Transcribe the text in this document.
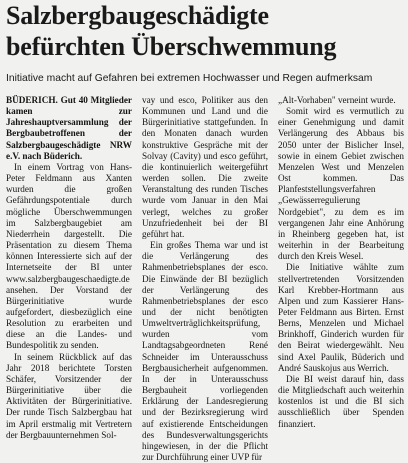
Salzbergbaugeschädigte
befürchten Überschwemmung
Initiative macht auf Gefahren bei extremen Hochwasser und Regen aufmerksam

BÜDERICH. Gut 40 Mitglieder kamen zur Jahreshauptversammlung der Bergbaubetroffenen der Salzbergbaugeschädigte NRW e.V. nach Büderich.

In einem Vortrag von Hans-Peter Feldmann aus Xanten wurden die großen Gefährdungspotentiale durch mögliche Überschwemmungen im Salzbergbaugebiet am Niederrhein dargestellt. Die Präsentation zu diesem Thema können Interessierte sich auf der Internetseite der BI unter www.salzbergbaugeschaedigte.de ansehen. Der Vorstand der Bürgerinitiative wurde aufgefordert, diesbezüglich eine Resolution zu erarbeiten und diese an die Landes- und Bundespolitik zu senden.

In seinem Rückblick auf das Jahr 2018 berichtete Torsten Schäfer, Vorsitzender der Bürgerinitiative über die Aktivitäten der Bürgerinitiative. Der runde Tisch Salzbergbau hat im April erstmalig mit Vertretern der Bergbauunternehmen Sol-

vay und esco, Politiker aus den Kommunen und Land und die Bürgerinitiative stattgefunden. In den Monaten danach wurden konstruktive Gespräche mit der Solvay (Cavity) und esco geführt, die kontinuierlich weitergeführt werden sollen. Die zweite Veranstaltung des runden Tisches wurde vom Januar in den Mai verlegt, welches zu großer Unzufriedenheit bei der BI geführt hat.

Ein großes Thema war und ist die Verlängerung des Rahmenbetriebsplanes der esco. Die Einwände der BI bezüglich der Verlängerung des Rahmenbetriebsplanes der esco und der nicht benötigten Umweltverträglichkeitsprüfung, wurden vom Landtagsabgeordneten René Schneider im Unterausschuss Bergbausicherheit aufgenommen. In der in Unterausschuss Bergbauheit vorliegenden Erklärung der Landesregierung und der Bezirksregierung wird auf existierende Entscheidungen des Bundesverwaltungsgerichts hingewiesen, in der die Pflicht zur Durchführung einer UVP für

„Alt-Vorhaben" verneint wurde.

Somit wird es vermutlich zu einer Genehmigung und damit Verlängerung des Abbaus bis 2050 unter der Bislicher Insel, sowie in einem Gebiet zwischen Menzelen West und Menzelen Ost kommen. Das Planfeststellungsverfahren „Gewässerregulierung Nordgebiet", zu dem es im vergangenen Jahr eine Anhörung in Rheinberg gegeben hat, ist weiterhin in der Bearbeitung durch den Kreis Wesel.

Die Initiative wählte zum stellvertretenden Vorsitzenden Karl Krebber-Hortmann aus Alpen und zum Kassierer Hans-Peter Feldmann aus Birten. Ernst Berns, Menzelen und Michael Brinkhoff, Ginderich wurden für den Beirat wiedergewählt. Neu sind Axel Paulik, Büderich und André Sauskojus aus Werrich.

Die BI weist darauf hin, dass die Mitgliedschaft auch weiterhin kostenlos ist und die BI sich ausschließlich über Spenden finanziert.
